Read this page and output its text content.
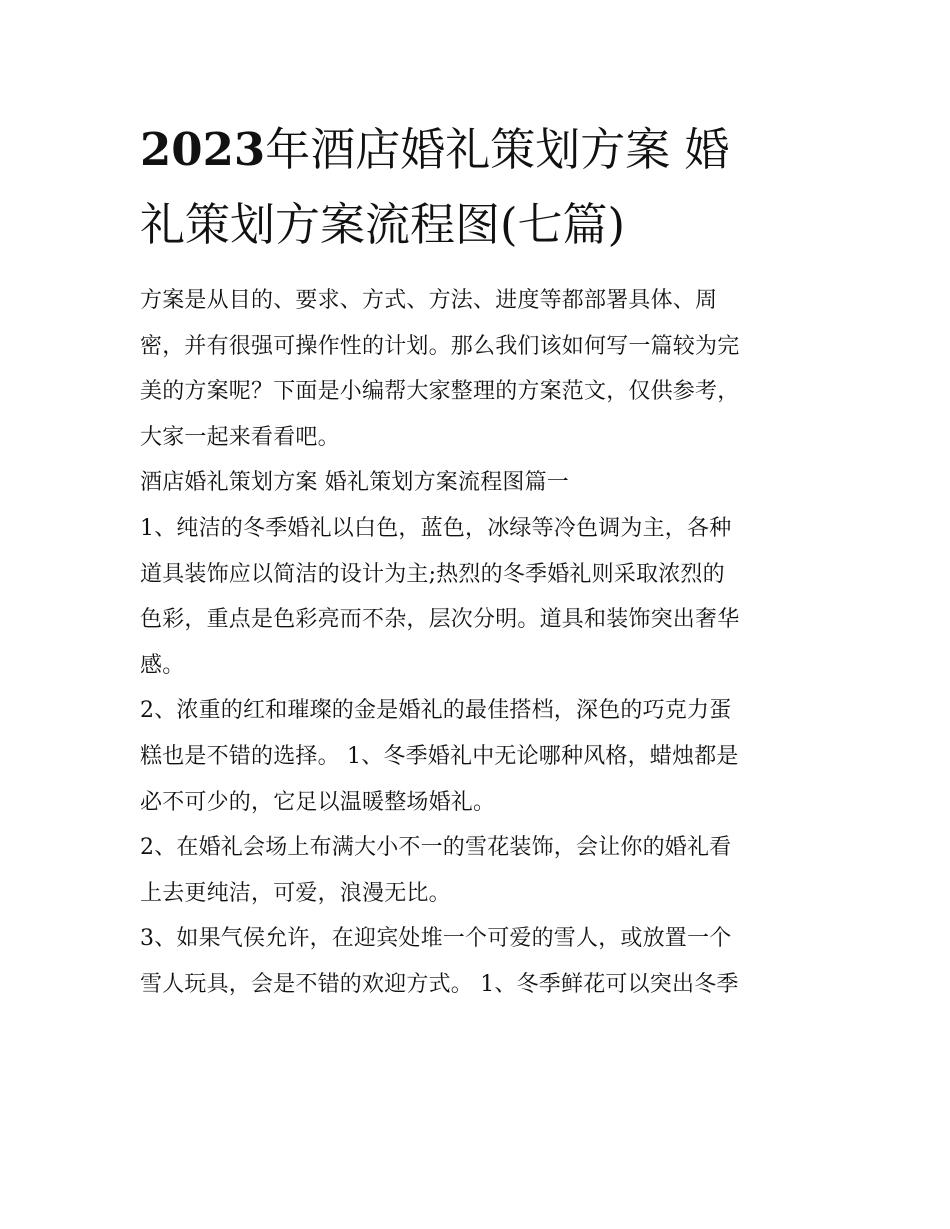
2023年酒店婚礼策划方案 婚
礼策划方案流程图(七篇)
方案是从目的、要求、方式、方法、进度等都部署具体、周
密，并有很强可操作性的计划。那么我们该如何写一篇较为完
美的方案呢？下面是小编帮大家整理的方案范文，仅供参考，
大家一起来看看吧。
酒店婚礼策划方案 婚礼策划方案流程图篇一
1、纯洁的冬季婚礼以白色，蓝色，冰绿等冷色调为主，各种
道具装饰应以简洁的设计为主;热烈的冬季婚礼则采取浓烈的
色彩，重点是色彩亮而不杂，层次分明。道具和装饰突出奢华
感。
2、浓重的红和璀璨的金是婚礼的最佳搭档，深色的巧克力蛋
糕也是不错的选择。 1、冬季婚礼中无论哪种风格，蜡烛都是
必不可少的，它足以温暖整场婚礼。
2、在婚礼会场上布满大小不一的雪花装饰，会让你的婚礼看
上去更纯洁，可爱，浪漫无比。
3、如果气侯允许，在迎宾处堆一个可爱的雪人，或放置一个
雪人玩具，会是不错的欢迎方式。 1、冬季鲜花可以突出冬季
